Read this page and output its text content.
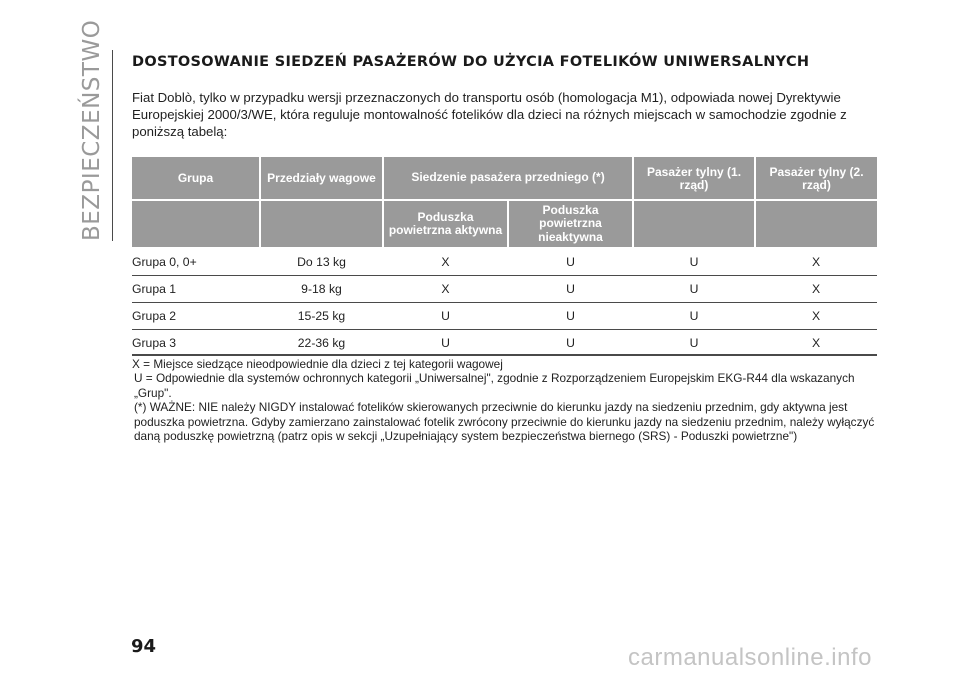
BEZPIECZEŃSTWO DOSTOSOWANIE SIEDZEŃ PASAŻERÓW DO UŻYCIA FOTELIKÓW UNIWERSALNYCH
Fiat Doblò, tylko w przypadku wersji przeznaczonych do transportu osób (homologacja M1), odpowiada nowej Dyrektywie Europejskiej 2000/3/WE, która reguluje montowalność fotelików dla dzieci na różnych miejscach w samochodzie zgodnie z poniższą tabelą:
Grupa	Przedziały wagowe	Siedzenie pasażera przedniego (*)		Pasażer tylny (1. rząd)	Pasażer tylny (2. rząd)
		Poduszka powietrzna aktywna	Poduszka powietrzna nieaktywna		
Grupa 0, 0+	Do 13 kg	X	U	U	X
Grupa 1	9-18 kg	X	U	U	X
Grupa 2	15-25 kg	U	U	U	X
Grupa 3	22-36 kg	U	U	U	X
X = Miejsce siedzące nieodpowiednie dla dzieci z tej kategorii wagowej
U = Odpowiednie dla systemów ochronnych kategorii „Uniwersalnej", zgodnie z Rozporządzeniem Europejskim EKG-R44 dla wskazanych „Grup".
(*) WAŻNE: NIE należy NIGDY instalować fotelików skierowanych przeciwnie do kierunku jazdy na siedzeniu przednim, gdy aktywna jest poduszka powietrzna. Gdyby zamierzano zainstalować fotelik zwrócony przeciwnie do kierunku jazdy na siedzeniu przednim, należy wyłączyć daną poduszkę powietrzną (patrz opis w sekcji „Uzupełniający system bezpieczeństwa biernego (SRS) - Poduszki powietrzne")
94	carmanualsonline.info
